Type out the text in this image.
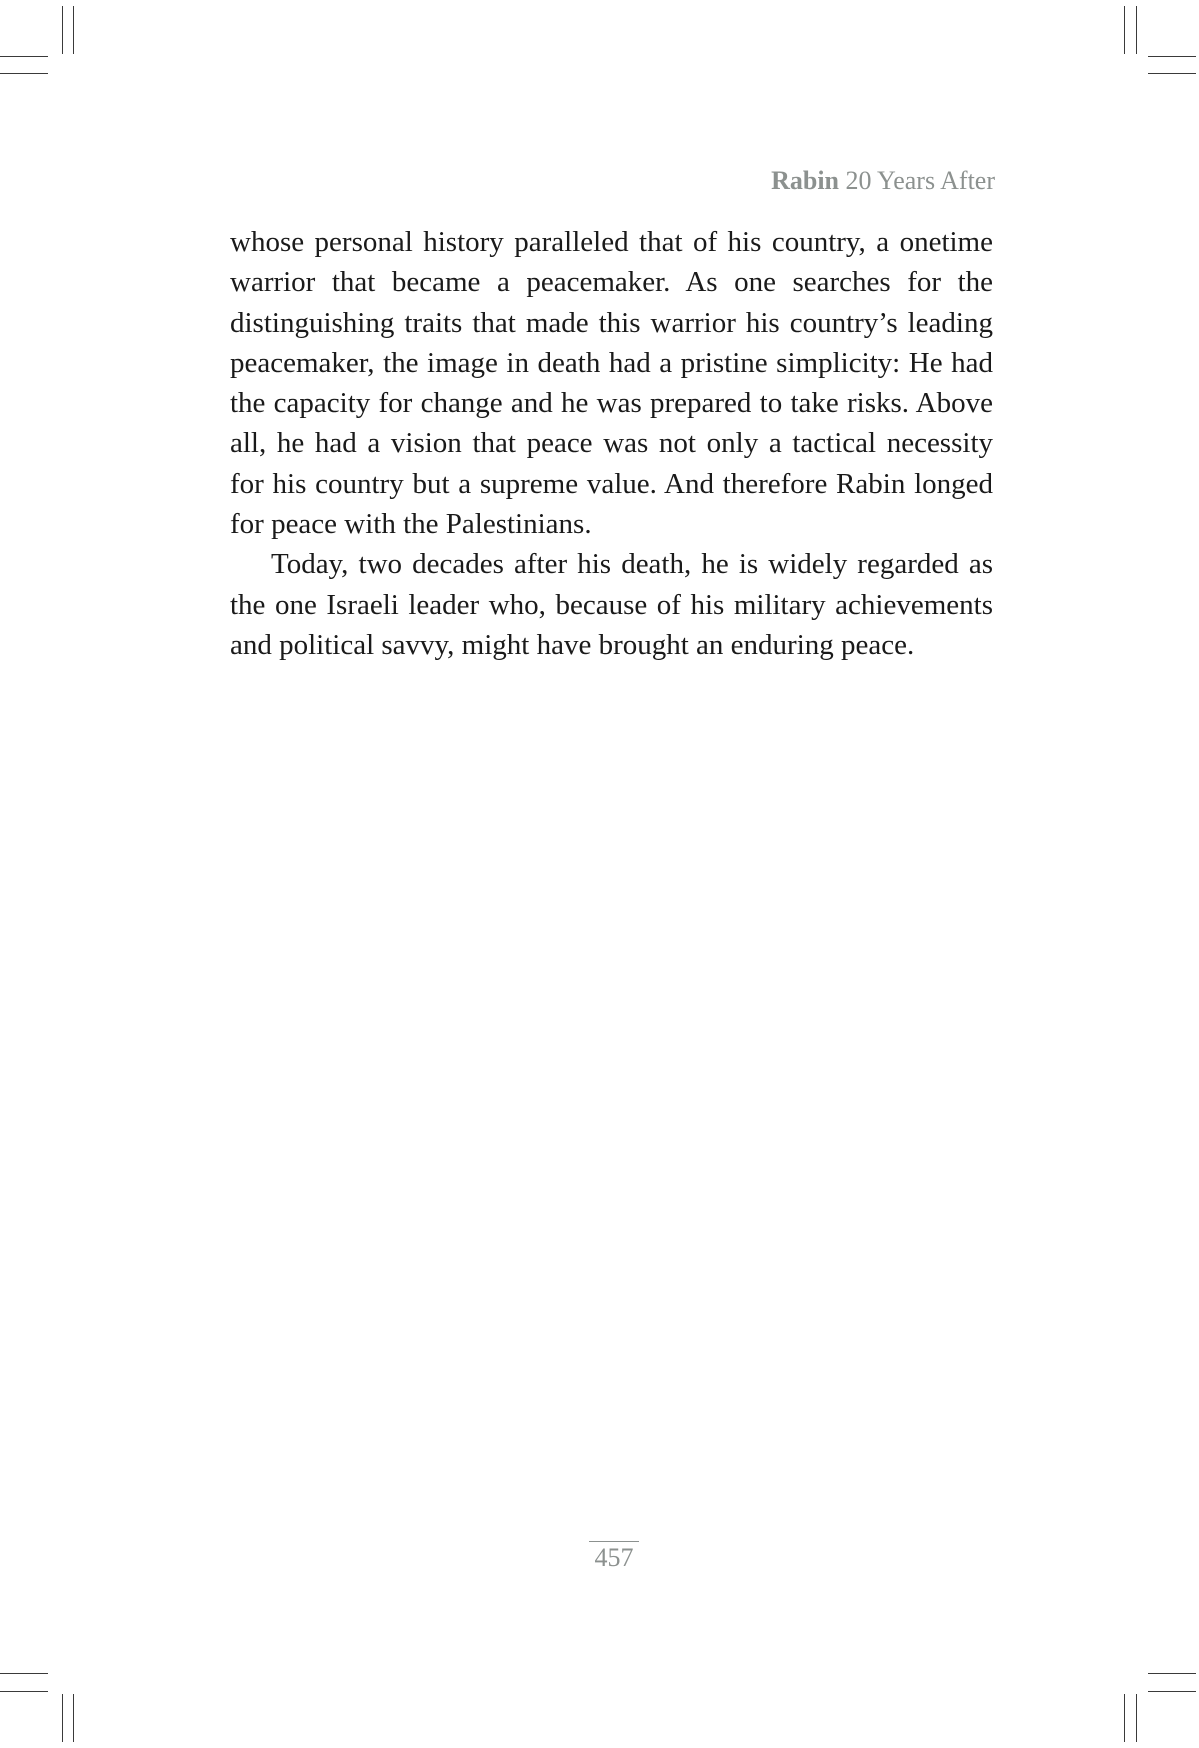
Rabin 20 Years After

whose personal history paralleled that of his country, a onetime warrior that became a peacemaker. As one searches for the distinguishing traits that made this warrior his country’s leading peacemaker, the image in death had a pristine simplicity: He had the capacity for change and he was prepared to take risks. Above all, he had a vision that peace was not only a tactical necessity for his country but a supreme value. And therefore Rabin longed for peace with the Palestinians.

Today, two decades after his death, he is widely regarded as the one Israeli leader who, because of his military achievements and political savvy, might have brought an enduring peace.

457
